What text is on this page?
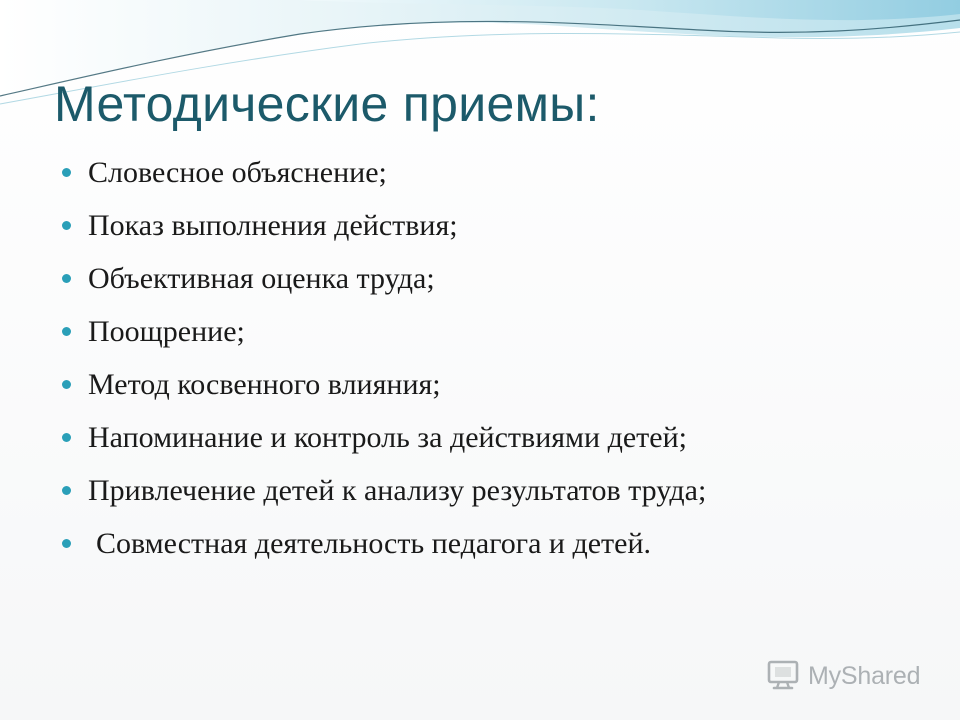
Методические приемы:
Словесное объяснение;
Показ выполнения действия;
Объективная оценка труда;
Поощрение;
Метод косвенного влияния;
Напоминание и контроль за действиями детей;
Привлечение детей к анализу результатов труда;
Совместная деятельность педагога и детей.
MyShared
